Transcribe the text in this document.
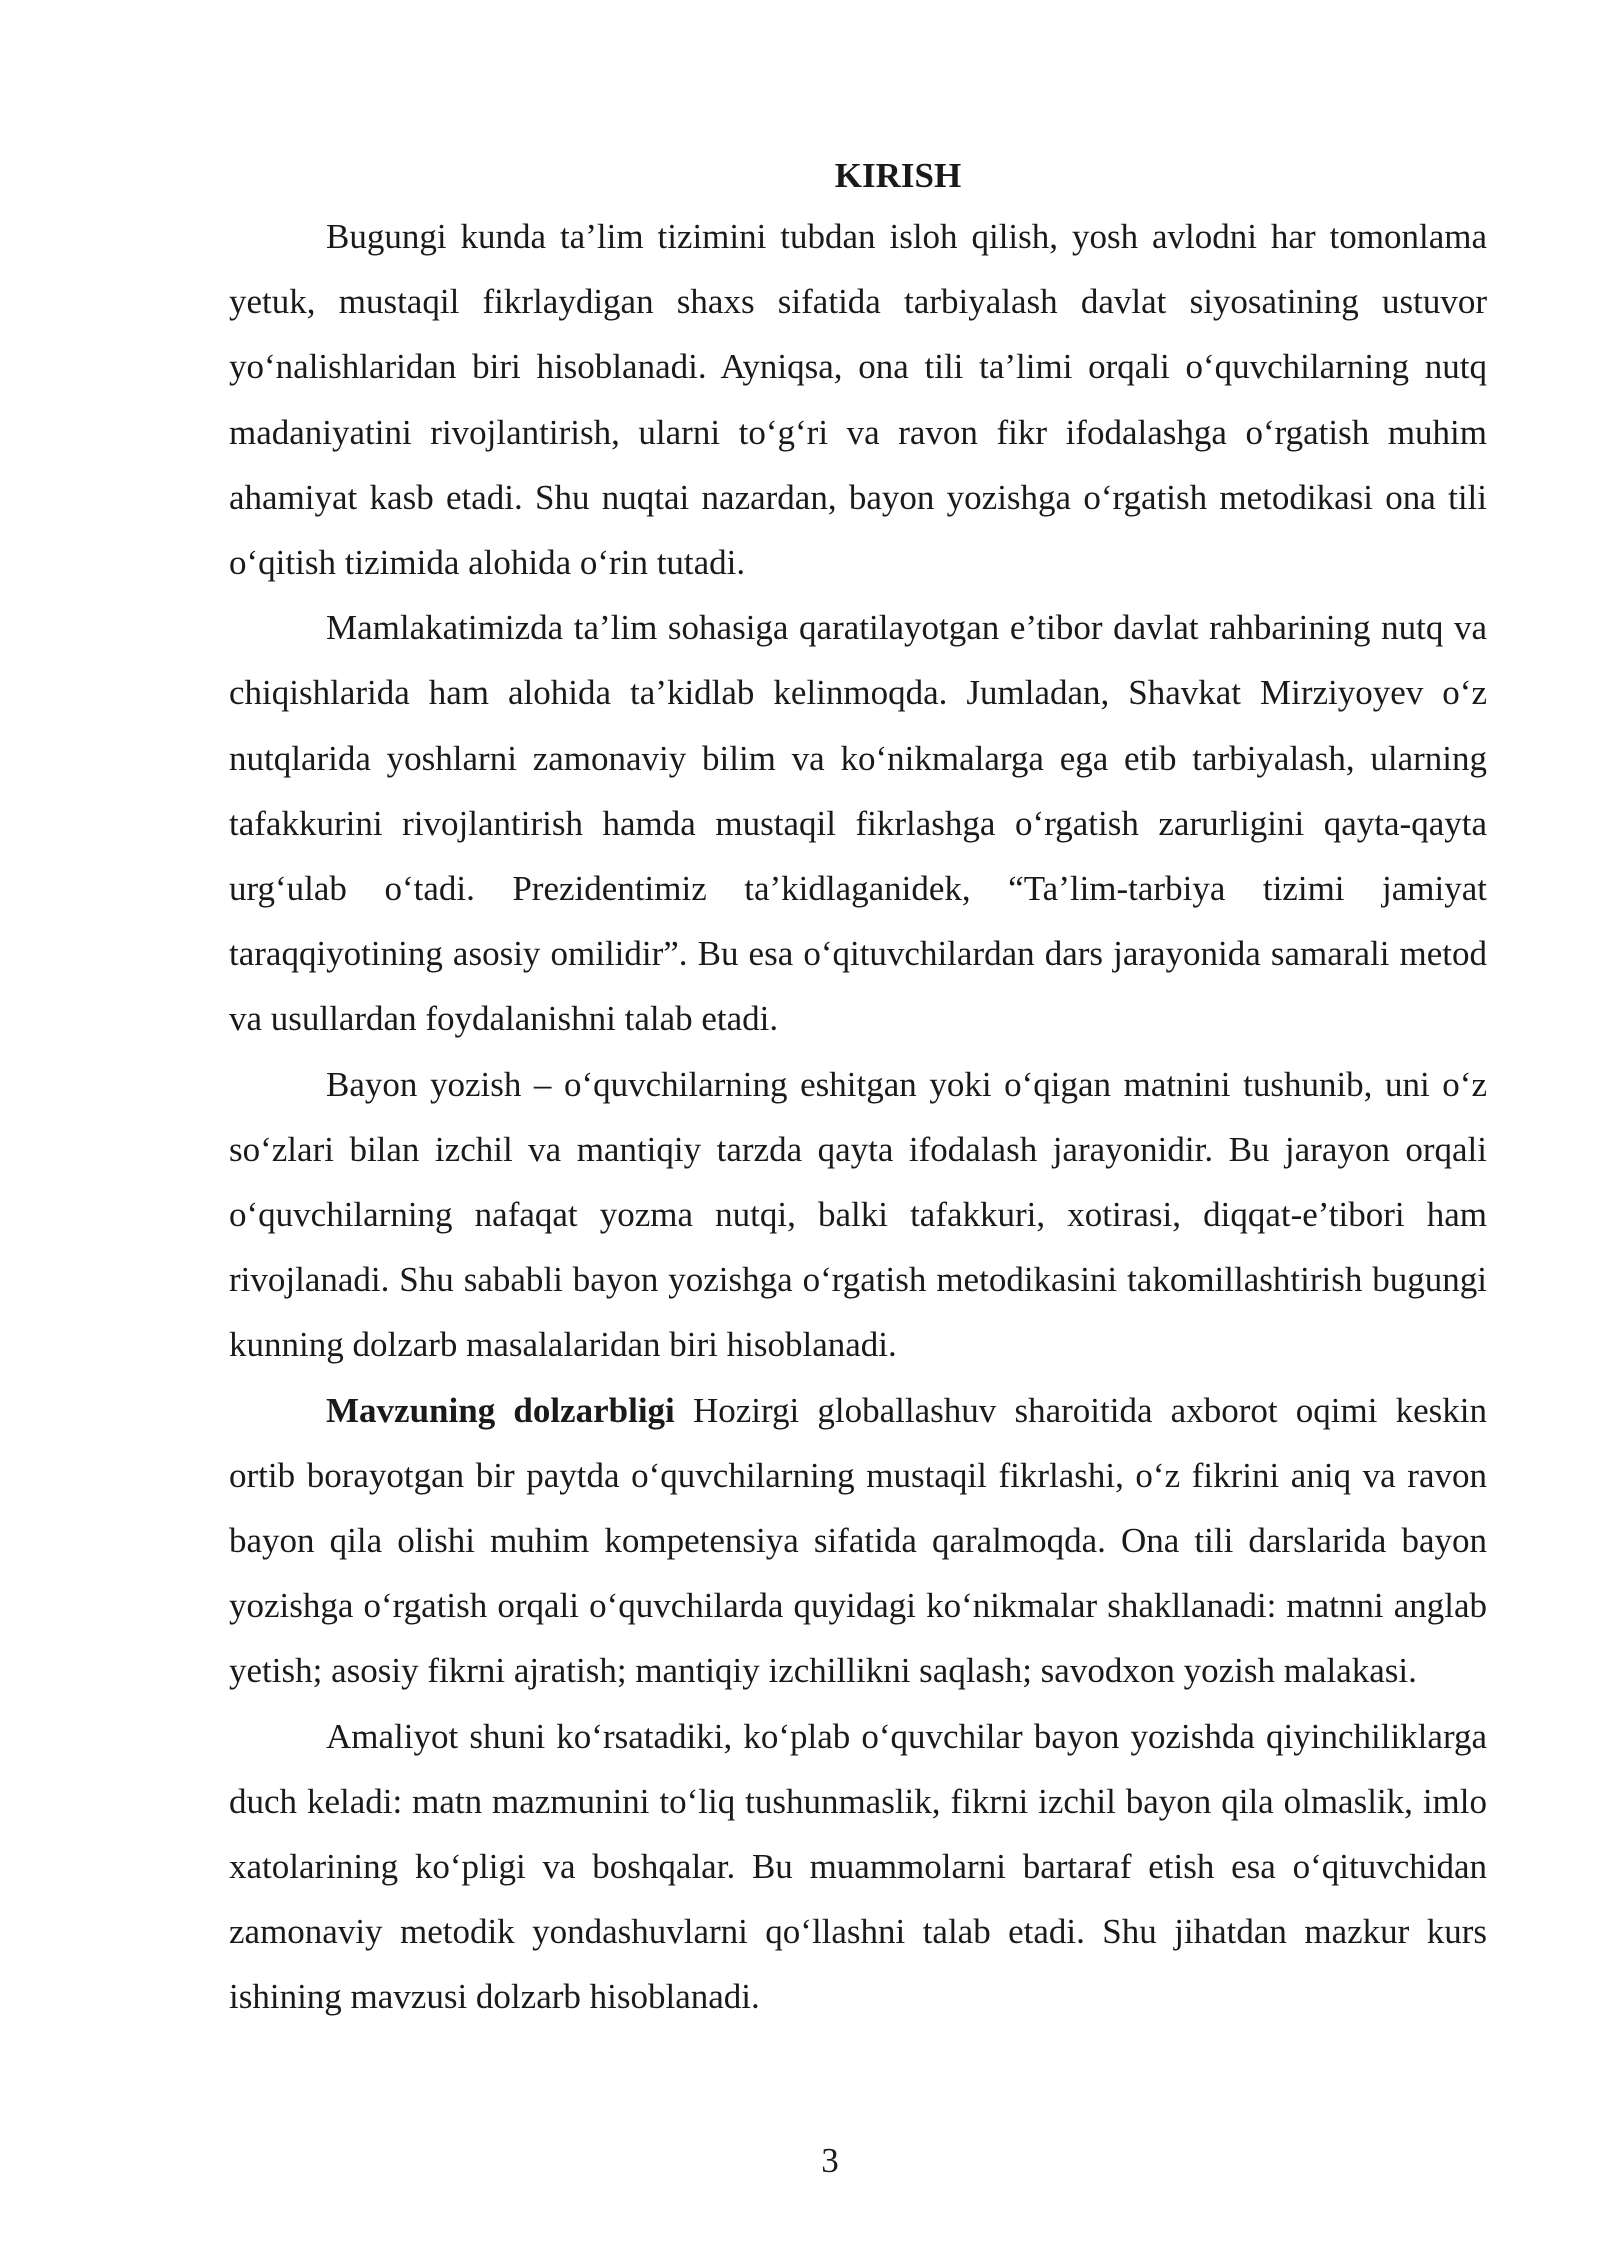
KIRISH

Bugungi kunda ta’lim tizimini tubdan isloh qilish, yosh avlodni har tomonlama yetuk, mustaqil fikrlaydigan shaxs sifatida tarbiyalash davlat siyosatining ustuvor yo‘nalishlaridan biri hisoblanadi. Ayniqsa, ona tili ta’limi orqali o‘quvchilarning nutq madaniyatini rivojlantirish, ularni to‘g‘ri va ravon fikr ifodalashga o‘rgatish muhim ahamiyat kasb etadi. Shu nuqtai nazardan, bayon yozishga o‘rgatish metodikasi ona tili o‘qitish tizimida alohida o‘rin tutadi.

Mamlakatimizda ta’lim sohasiga qaratilayotgan e’tibor davlat rahbarining nutq va chiqishlarida ham alohida ta’kidlab kelinmoqda. Jumladan, Shavkat Mirziyoyev o‘z nutqlarida yoshlarni zamonaviy bilim va ko‘nikmalarga ega etib tarbiyalash, ularning tafakkurini rivojlantirish hamda mustaqil fikrlashga o‘rgatish zarurligini qayta-qayta urg‘ulab o‘tadi. Prezidentimiz ta’kidlaganidek, “Ta’lim-tarbiya tizimi jamiyat taraqqiyotining asosiy omilidir”. Bu esa o‘qituvchilardan dars jarayonida samarali metod va usullardan foydalanishni talab etadi.

Bayon yozish – o‘quvchilarning eshitgan yoki o‘qigan matnini tushunib, uni o‘z so‘zlari bilan izchil va mantiqiy tarzda qayta ifodalash jarayonidir. Bu jarayon orqali o‘quvchilarning nafaqat yozma nutqi, balki tafakkuri, xotirasi, diqqat-e’tibori ham rivojlanadi. Shu sababli bayon yozishga o‘rgatish metodikasini takomillashtirish bugungi kunning dolzarb masalalaridan biri hisoblanadi.

Mavzuning dolzarbligi Hozirgi globallashuv sharoitida axborot oqimi keskin ortib borayotgan bir paytda o‘quvchilarning mustaqil fikrlashi, o‘z fikrini aniq va ravon bayon qila olishi muhim kompetensiya sifatida qaralmoqda. Ona tili darslarida bayon yozishga o‘rgatish orqali o‘quvchilarda quyidagi ko‘nikmalar shakllanadi: matnni anglab yetish; asosiy fikrni ajratish; mantiqiy izchillikni saqlash; savodxon yozish malakasi.

Amaliyot shuni ko‘rsatadiki, ko‘plab o‘quvchilar bayon yozishda qiyinchiliklarga duch keladi: matn mazmunini to‘liq tushunmaslik, fikrni izchil bayon qila olmaslik, imlo xatolarining ko‘pligi va boshqalar. Bu muammolarni bartaraf etish esa o‘qituvchidan zamonaviy metodik yondashuvlarni qo‘llashni talab etadi. Shu jihatdan mazkur kurs ishining mavzusi dolzarb hisoblanadi.

3
